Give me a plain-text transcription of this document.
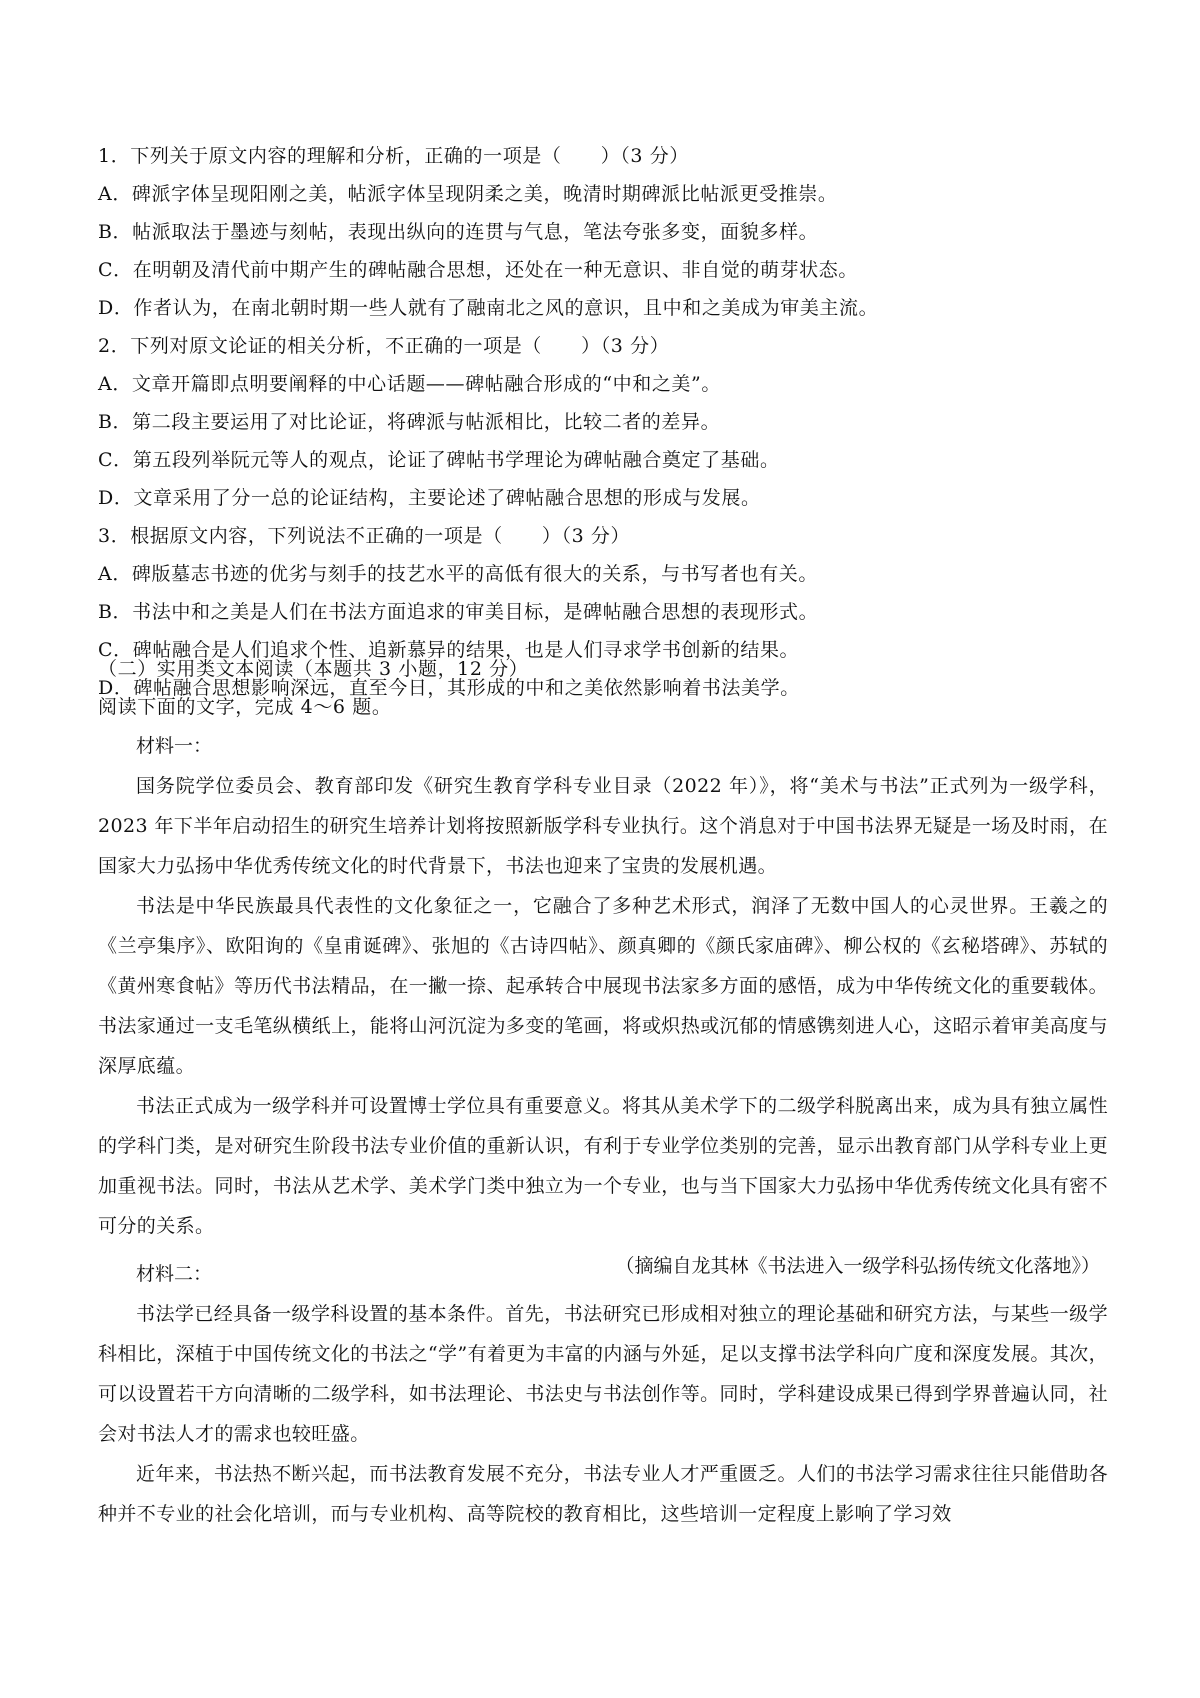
1．下列关于原文内容的理解和分析，正确的一项是（　　）（3 分）
A．碑派字体呈现阳刚之美，帖派字体呈现阴柔之美，晚清时期碑派比帖派更受推崇。
B．帖派取法于墨迹与刻帖，表现出纵向的连贯与气息，笔法夸张多变，面貌多样。
C．在明朝及清代前中期产生的碑帖融合思想，还处在一种无意识、非自觉的萌芽状态。
D．作者认为，在南北朝时期一些人就有了融南北之风的意识，且中和之美成为审美主流。
2．下列对原文论证的相关分析，不正确的一项是（　　）（3 分）
A．文章开篇即点明要阐释的中心话题——碑帖融合形成的“中和之美”。
B．第二段主要运用了对比论证，将碑派与帖派相比，比较二者的差异。
C．第五段列举阮元等人的观点，论证了碑帖书学理论为碑帖融合奠定了基础。
D．文章采用了分一总的论证结构，主要论述了碑帖融合思想的形成与发展。
3．根据原文内容，下列说法不正确的一项是（　　）（3 分）
A．碑版墓志书迹的优劣与刻手的技艺水平的高低有很大的关系，与书写者也有关。
B．书法中和之美是人们在书法方面追求的审美目标，是碑帖融合思想的表现形式。
C．碑帖融合是人们追求个性、追新慕异的结果，也是人们寻求学书创新的结果。
D．碑帖融合思想影响深远，直至今日，其形成的中和之美依然影响着书法美学。
（二）实用类文本阅读（本题共 3 小题，12 分）
阅读下面的文字，完成 4～6 题。
材料一：

国务院学位委员会、教育部印发《研究生教育学科专业目录（2022 年）》，将“美术与书法”正式列为一级学科，2023 年下半年启动招生的研究生培养计划将按照新版学科专业执行。这个消息对于中国书法界无疑是一场及时雨，在国家大力弘扬中华优秀传统文化的时代背景下，书法也迎来了宝贵的发展机遇。

书法是中华民族最具代表性的文化象征之一，它融合了多种艺术形式，润泽了无数中国人的心灵世界。王羲之的《兰亭集序》、欧阳询的《皇甫诞碑》、张旭的《古诗四帖》、颜真卿的《颜氏家庙碑》、柳公权的《玄秘塔碑》、苏轼的《黄州寒食帖》等历代书法精品，在一撇一捺、起承转合中展现书法家多方面的感悟，成为中华传统文化的重要载体。书法家通过一支毛笔纵横纸上，能将山河沉淀为多变的笔画，将或炽热或沉郁的情感镌刻进人心，这昭示着审美高度与深厚底蕴。

书法正式成为一级学科并可设置博士学位具有重要意义。将其从美术学下的二级学科脱离出来，成为具有独立属性的学科门类，是对研究生阶段书法专业价值的重新认识，有利于专业学位类别的完善，显示出教育部门从学科专业上更加重视书法。同时，书法从艺术学、美术学门类中独立为一个专业，也与当下国家大力弘扬中华优秀传统文化具有密不可分的关系。

（摘编自龙其林《书法进入一级学科弘扬传统文化落地》）
材料二：

书法学已经具备一级学科设置的基本条件。首先，书法研究已形成相对独立的理论基础和研究方法，与某些一级学科相比，深植于中国传统文化的书法之“学”有着更为丰富的内涵与外延，足以支撑书法学科向广度和深度发展。其次，可以设置若干方向清晰的二级学科，如书法理论、书法史与书法创作等。同时，学科建设成果已得到学界普遍认同，社会对书法人才的需求也较旺盛。

近年来，书法热不断兴起，而书法教育发展不充分，书法专业人才严重匮乏。人们的书法学习需求往往只能借助各种并不专业的社会化培训，而与专业机构、高等院校的教育相比，这些培训一定程度上影响了学习效
